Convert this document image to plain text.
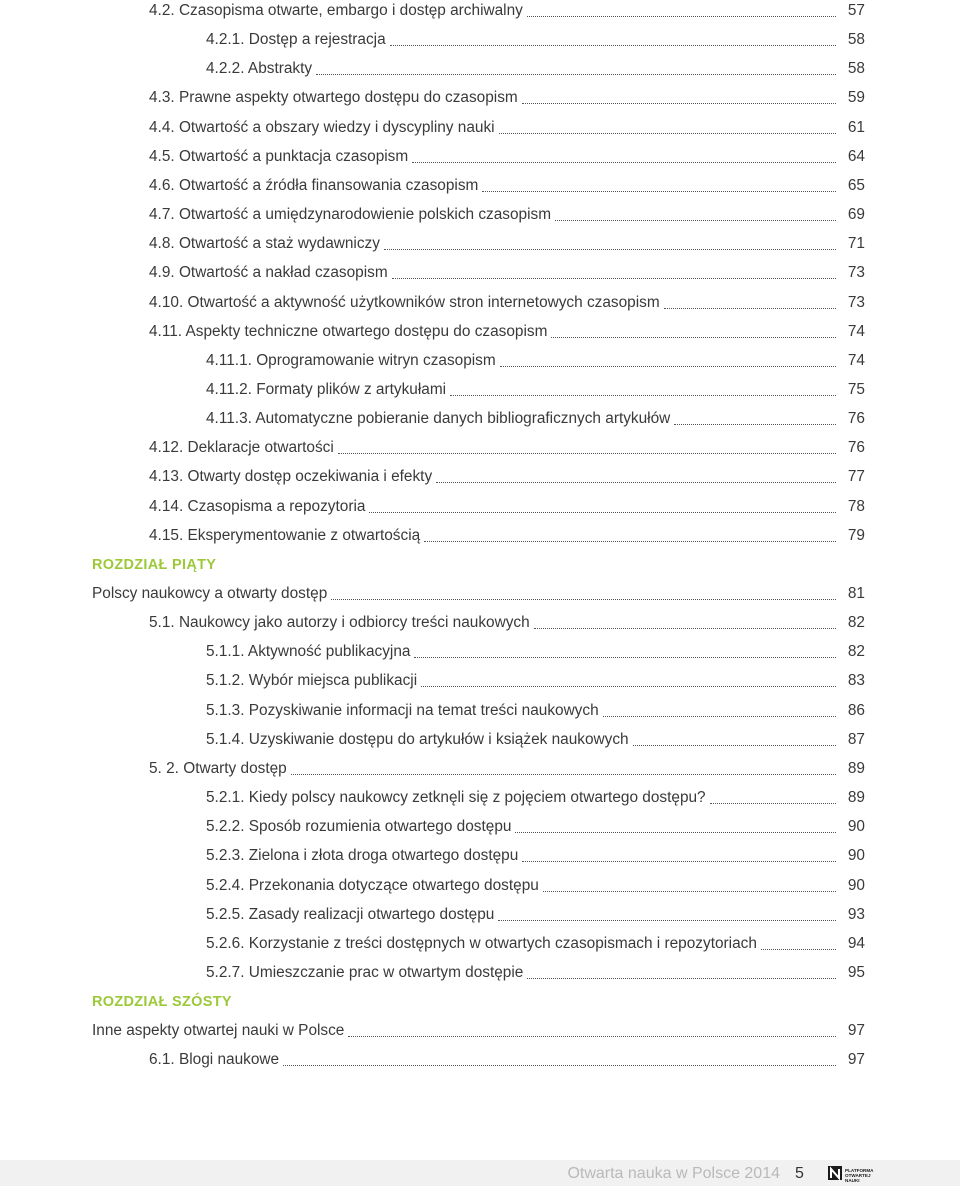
4.2. Czasopisma otwarte, embargo i dostęp archiwalny	57
4.2.1. Dostęp a rejestracja	58
4.2.2. Abstrakty	58
4.3. Prawne aspekty otwartego dostępu do czasopism	59
4.4. Otwartość a obszary wiedzy i dyscypliny nauki	61
4.5. Otwartość a punktacja czasopism	64
4.6. Otwartość a źródła finansowania czasopism	65
4.7. Otwartość a umiędzynarodowienie polskich czasopism	69
4.8. Otwartość a staż wydawniczy	71
4.9. Otwartość a nakład czasopism	73
4.10. Otwartość a aktywność użytkowników stron internetowych czasopism	73
4.11. Aspekty techniczne otwartego dostępu do czasopism	74
4.11.1. Oprogramowanie witryn czasopism	74
4.11.2. Formaty plików z artykułami	75
4.11.3. Automatyczne pobieranie danych bibliograficznych artykułów	76
4.12. Deklaracje otwartości	76
4.13. Otwarty dostęp oczekiwania i efekty	77
4.14. Czasopisma a repozytoria	78
4.15. Eksperymentowanie z otwartością	79
ROZDZIAŁ PIĄTY
Polscy naukowcy a otwarty dostęp	81
5.1. Naukowcy jako autorzy i odbiorcy treści naukowych	82
5.1.1. Aktywność publikacyjna	82
5.1.2. Wybór miejsca publikacji	83
5.1.3. Pozyskiwanie informacji na temat treści naukowych	86
5.1.4. Uzyskiwanie dostępu do artykułów i książek naukowych	87
5. 2. Otwarty dostęp	89
5.2.1. Kiedy polscy naukowcy zetknęli się z pojęciem otwartego dostępu?	89
5.2.2. Sposób rozumienia otwartego dostępu	90
5.2.3. Zielona i złota droga otwartego dostępu	90
5.2.4. Przekonania dotyczące otwartego dostępu	90
5.2.5. Zasady realizacji otwartego dostępu	93
5.2.6. Korzystanie z treści dostępnych w otwartych czasopismach i repozytoriach	94
5.2.7. Umieszczanie prac w otwartym dostępie	95
ROZDZIAŁ SZÓSTY
Inne aspekty otwartej nauki w Polsce	97
6.1. Blogi naukowe	97
Otwarta nauka w Polsce 2014 5	PLATFORMA
OTWARTEJ
NAUKI
